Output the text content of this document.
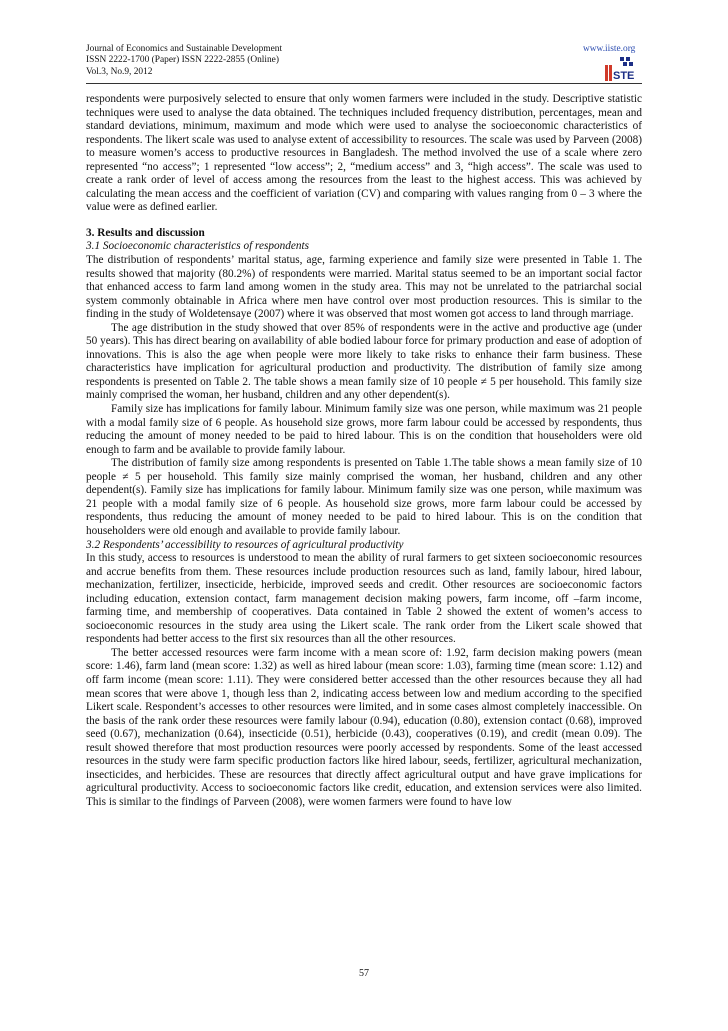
Journal of Economics and Sustainable Development
ISSN 2222-1700 (Paper) ISSN 2222-2855 (Online)
Vol.3, No.9, 2012
www.iiste.org
STE

respondents were purposively selected to ensure that only women farmers were included in the study. Descriptive statistic techniques were used to analyse the data obtained. The techniques included frequency distribution, percentages, mean and standard deviations, minimum, maximum and mode which were used to analyse the socioeconomic characteristics of respondents. The likert scale was used to analyse extent of accessibility to resources. The scale was used by Parveen (2008) to measure women’s access to productive resources in Bangladesh. The method involved the use of a scale where zero represented “no access”; 1 represented “low access”; 2, “medium access” and 3, “high access”. The scale was used to create a rank order of level of access among the resources from the least to the highest access. This was achieved by calculating the mean access and the coefficient of variation (CV) and comparing with values ranging from 0 – 3 where the value were as defined earlier.

3. Results and discussion

3.1 Socioeconomic characteristics of respondents

The distribution of respondents’ marital status, age, farming experience and family size were presented in Table 1. The results showed that majority (80.2%) of respondents were married. Marital status seemed to be an important social factor that enhanced access to farm land among women in the study area. This may not be unrelated to the patriarchal social system commonly obtainable in Africa where men have control over most production resources. This is similar to the finding in the study of Woldetensaye (2007) where it was observed that most women got access to land through marriage.

The age distribution in the study showed that over 85% of respondents were in the active and productive age (under 50 years). This has direct bearing on availability of able bodied labour force for primary production and ease of adoption of innovations. This is also the age when people were more likely to take risks to enhance their farm business. These characteristics have implication for agricultural production and productivity. The distribution of family size among respondents is presented on Table 2. The table shows a mean family size of 10 people ≠ 5 per household. This family size mainly comprised the woman, her husband, children and any other dependent(s).

Family size has implications for family labour. Minimum family size was one person, while maximum was 21 people with a modal family size of 6 people. As household size grows, more farm labour could be accessed by respondents, thus reducing the amount of money needed to be paid to hired labour. This is on the condition that householders were old enough to farm and be available to provide family labour.

The distribution of family size among respondents is presented on Table 1.The table shows a mean family size of 10 people ≠ 5 per household. This family size mainly comprised the woman, her husband, children and any other dependent(s). Family size has implications for family labour. Minimum family size was one person, while maximum was 21 people with a modal family size of 6 people. As household size grows, more farm labour could be accessed by respondents, thus reducing the amount of money needed to be paid to hired labour. This is on the condition that householders were old enough and available to provide family labour.

3.2 Respondents’ accessibility to resources of agricultural productivity

In this study, access to resources is understood to mean the ability of rural farmers to get sixteen socioeconomic resources and accrue benefits from them. These resources include production resources such as land, family labour, hired labour, mechanization, fertilizer, insecticide, herbicide, improved seeds and credit. Other resources are socioeconomic factors including education, extension contact, farm management decision making powers, farm income, off –farm income, farming time, and membership of cooperatives. Data contained in Table 2 showed the extent of women’s access to socioeconomic resources in the study area using the Likert scale. The rank order from the Likert scale showed that respondents had better access to the first six resources than all the other resources.

The better accessed resources were farm income with a mean score of: 1.92, farm decision making powers (mean score: 1.46), farm land (mean score: 1.32) as well as hired labour (mean score: 1.03), farming time (mean score: 1.12) and off farm income (mean score: 1.11). They were considered better accessed than the other resources because they all had mean scores that were above 1, though less than 2, indicating access between low and medium according to the specified Likert scale. Respondent’s accesses to other resources were limited, and in some cases almost completely inaccessible. On the basis of the rank order these resources were family labour (0.94), education (0.80), extension contact (0.68), improved seed (0.67), mechanization (0.64), insecticide (0.51), herbicide (0.43), cooperatives (0.19), and credit (mean 0.09). The result showed therefore that most production resources were poorly accessed by respondents. Some of the least accessed resources in the study were farm specific production factors like hired labour, seeds, fertilizer, agricultural mechanization, insecticides, and herbicides. These are resources that directly affect agricultural output and have grave implications for agricultural productivity. Access to socioeconomic factors like credit, education, and extension services were also limited. This is similar to the findings of Parveen (2008), were women farmers were found to have low

57
